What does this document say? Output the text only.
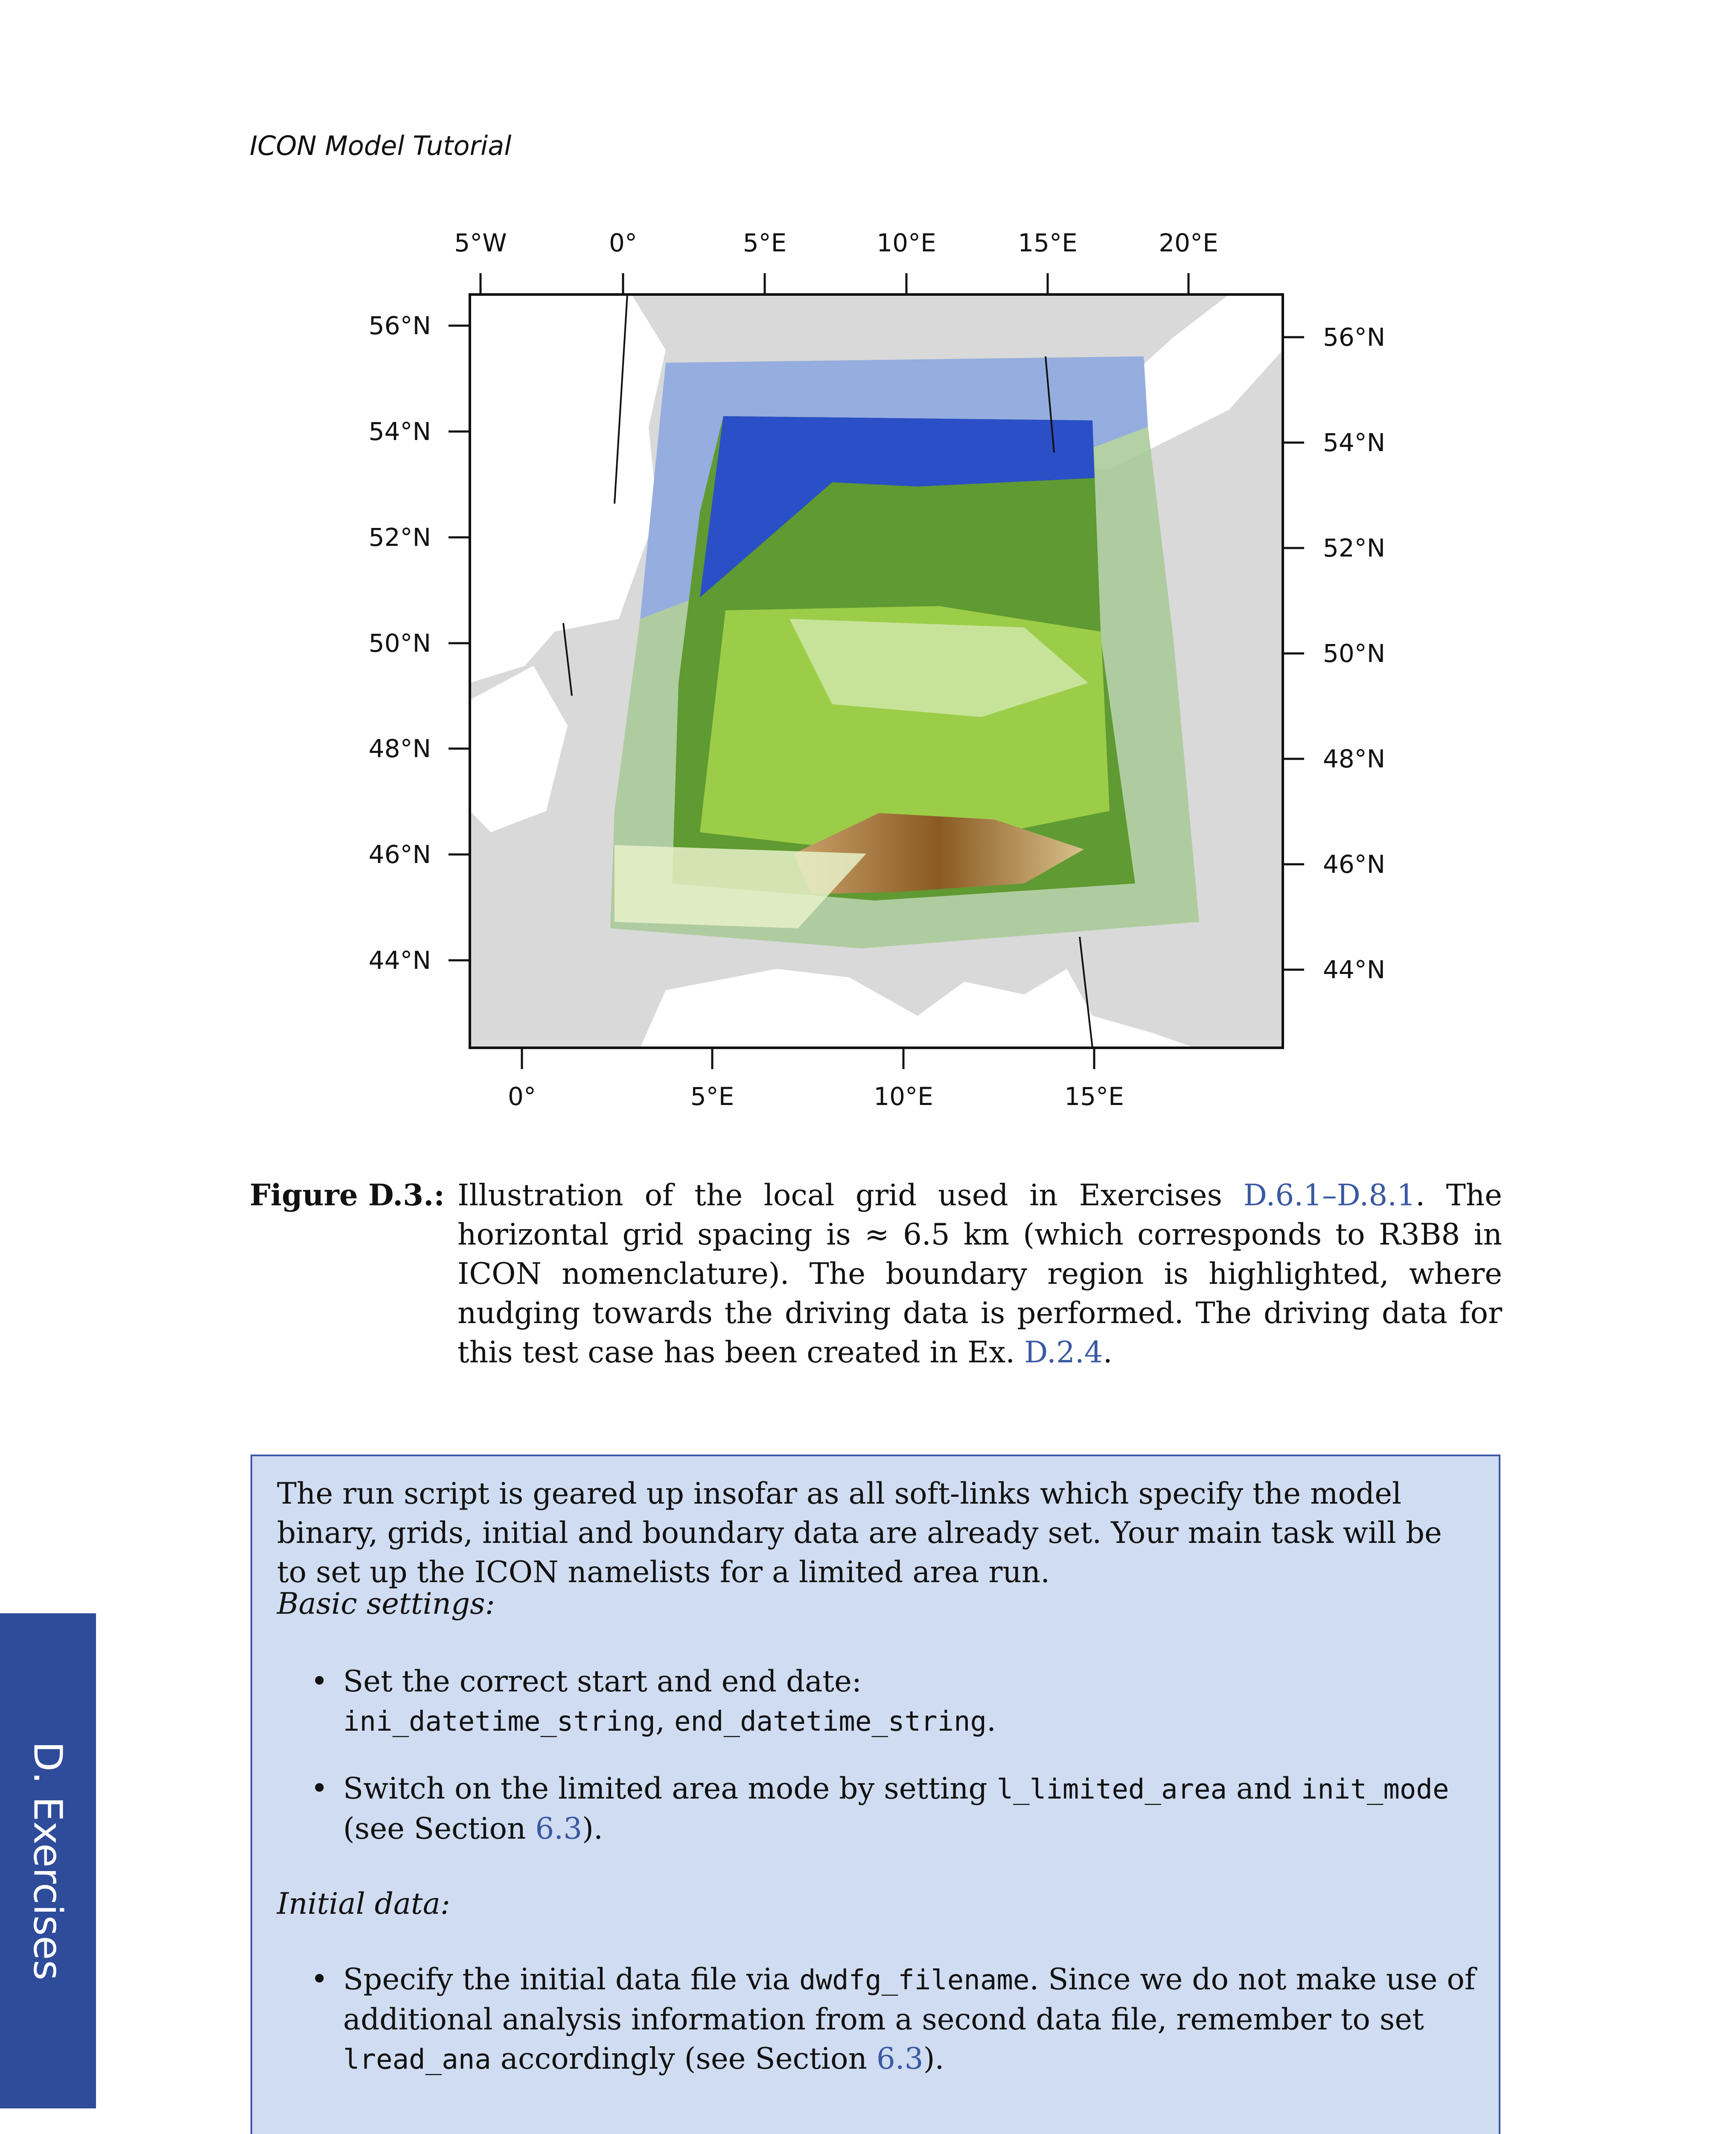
ICON Model Tutorial
5°W	0°	5°E	10°E	15°E	20°E
0°	5°E	10°E	15°E
56°N
54°N
52°N
50°N
48°N
46°N
44°N
56°N
54°N
52°N
50°N
48°N
46°N
44°N
Figure D.3.: Illustration of the local grid used in Exercises D.6.1–D.8.1. The horizontal grid spacing is ≈ 6.5 km (which corresponds to R3B8 in ICON nomenclature). The boundary region is highlighted, where nudging towards the driving data is performed. The driving data for this test case has been created in Ex. D.2.4.

The run script is geared up insofar as all soft-links which specify the model binary, grids, initial and boundary data are already set. Your main task will be to set up the ICON namelists for a limited area run.

Basic settings:

• Set the correct start and end date:
ini_datetime_string, end_datetime_string.
• Switch on the limited area mode by setting l_limited_area and init_mode
(see Section 6.3).

Initial data:

• Specify the initial data file via dwdfg_filename. Since we do not make use of additional analysis information from a second data file, remember to set lread_ana accordingly (see Section 6.3).
D. Exercises
